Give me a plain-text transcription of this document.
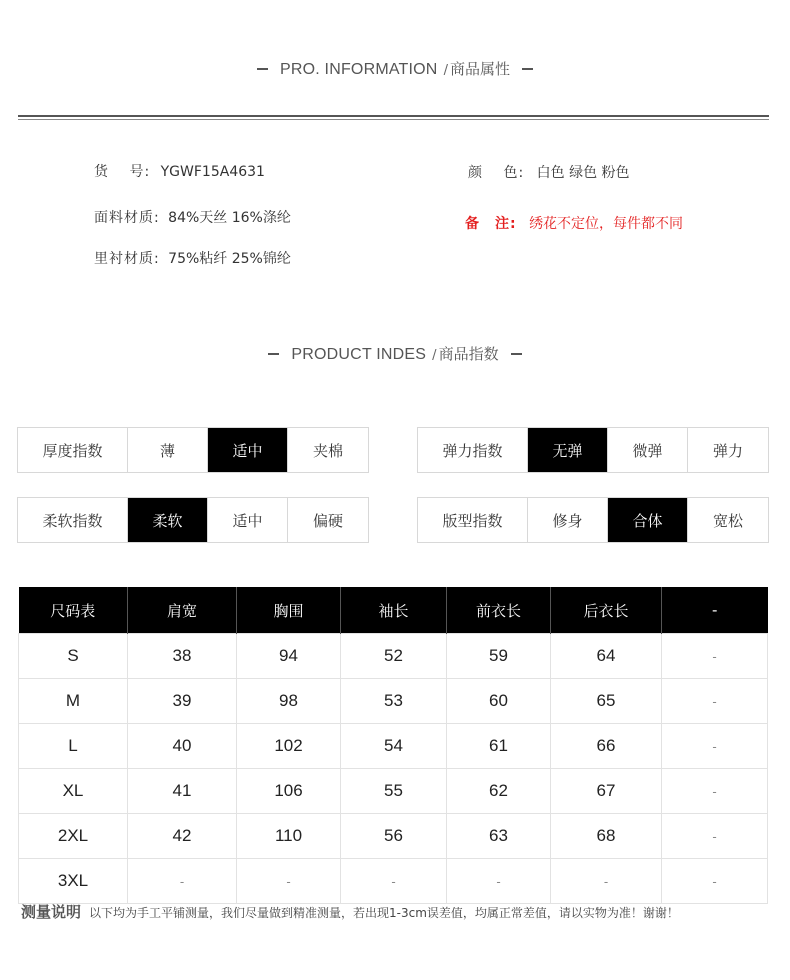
PRO. INFORMATION / 商品属性
货　 号: YGWF15A4631
面料材质: 84%天丝 16%涤纶
里衬材质: 75%粘纤 25%锦纶
颜　 色: 白色 绿色 粉色
备　注: 绣花不定位，每件都不同
PRODUCT INDES / 商品指数
厚度指数	薄	适中	夹棉	弹力指数	无弹	微弹	弹力
柔软指数	柔软	适中	偏硬	版型指数	修身	合体	宽松
尺码表	肩宽	胸围	袖长	前衣长	后衣长	-
S	38	94	52	59	64	-
M	39	98	53	60	65	-
L	40	102	54	61	66	-
XL	41	106	55	62	67	-
2XL	42	110	56	63	68	-
3XL	-	-	-	-	-	-
测量说明 以下均为手工平铺测量，我们尽量做到精准测量，若出现1-3cm误差值，均属正常差值，请以实物为准！谢谢！
